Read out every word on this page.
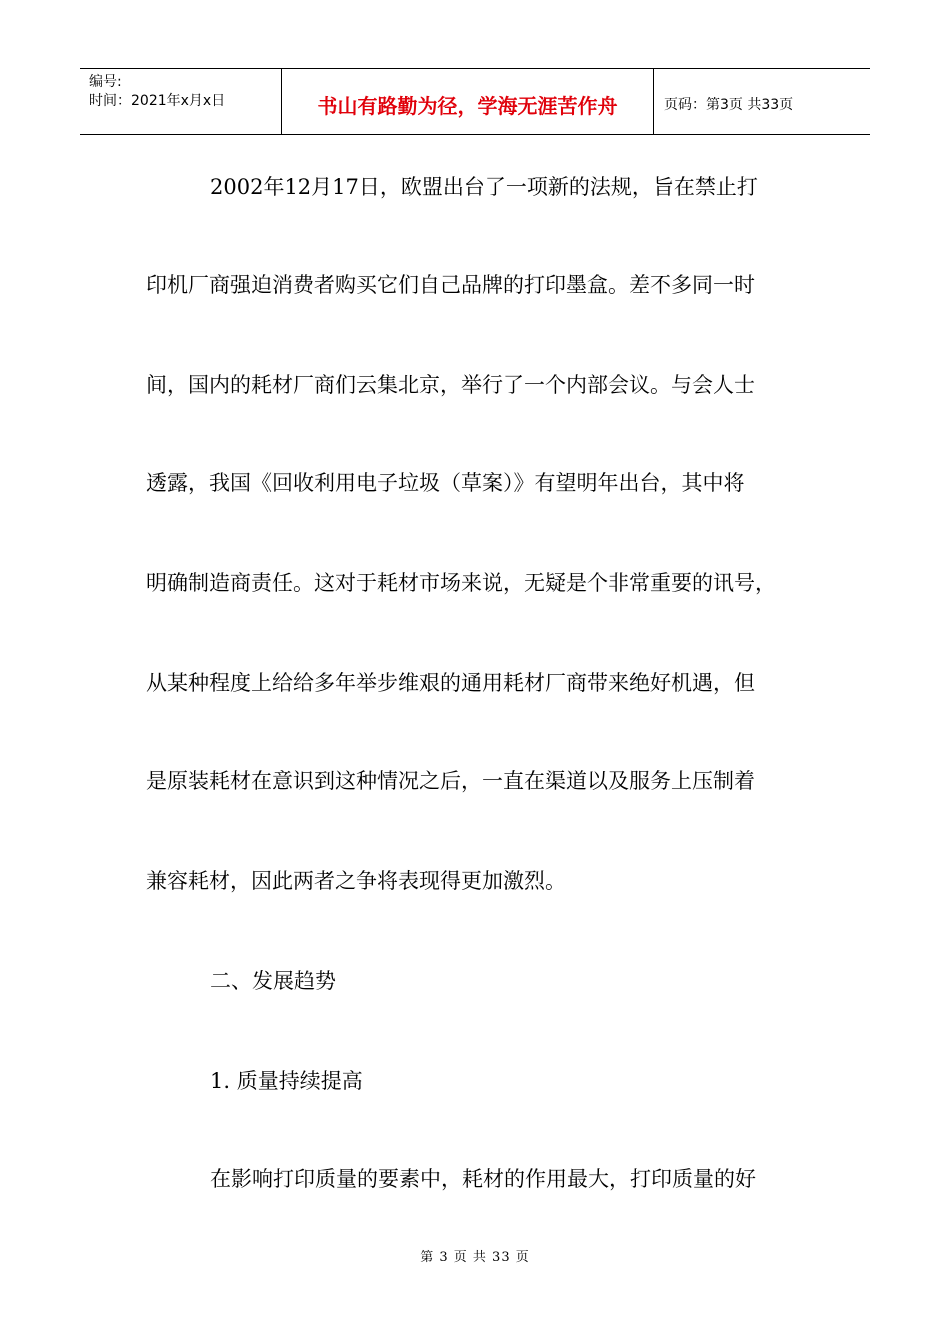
编号:
时间：2021年x月x日	书山有路勤为径，学海无涯苦作舟	页码：第3页 共33页

2002年12月17日，欧盟出台了一项新的法规，旨在禁止打

印机厂商强迫消费者购买它们自己品牌的打印墨盒。差不多同一时

间，国内的耗材厂商们云集北京，举行了一个内部会议。与会人士

透露，我国《回收利用电子垃圾（草案）》有望明年出台，其中将

明确制造商责任。这对于耗材市场来说，无疑是个非常重要的讯号，

从某种程度上给给多年举步维艰的通用耗材厂商带来绝好机遇，但

是原装耗材在意识到这种情况之后，一直在渠道以及服务上压制着

兼容耗材，因此两者之争将表现得更加激烈。

二、发展趋势

1. 质量持续提高

在影响打印质量的要素中，耗材的作用最大，打印质量的好

第 3 页 共 33 页
